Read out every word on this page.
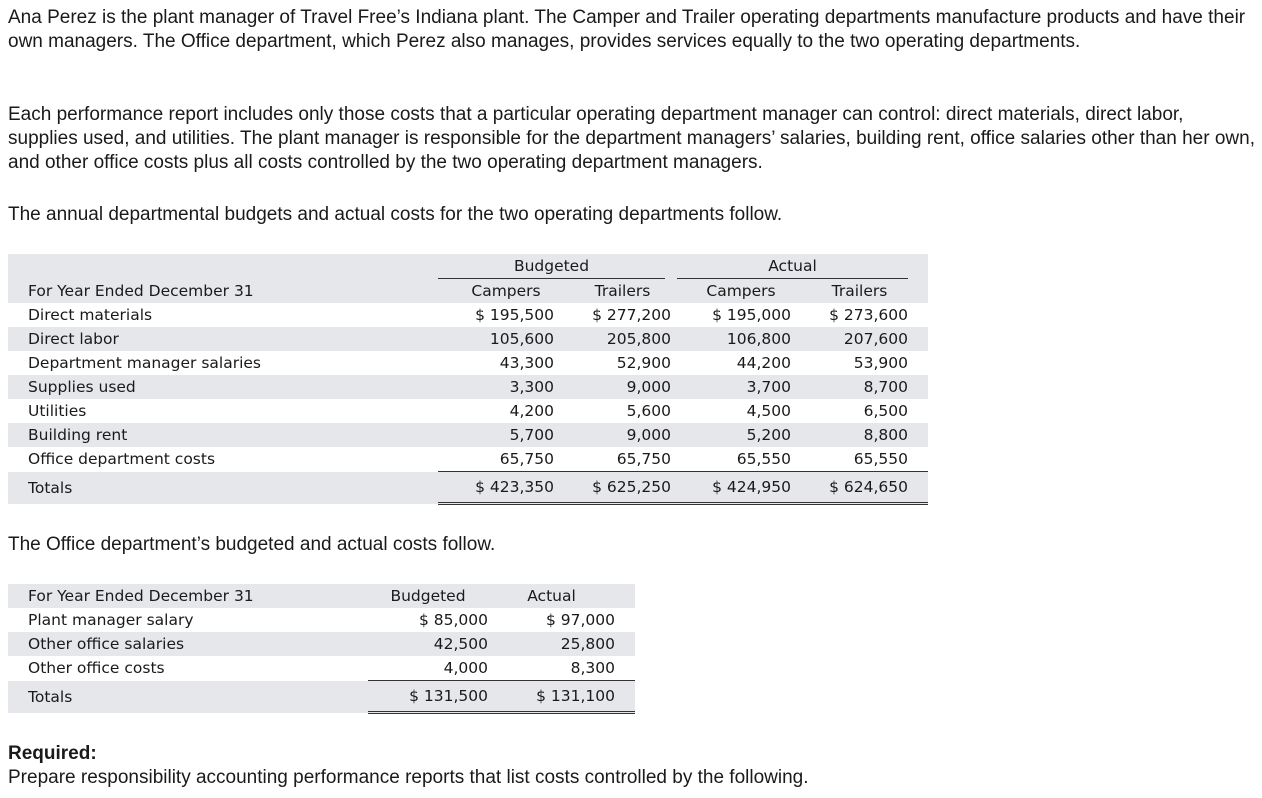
Ana Perez is the plant manager of Travel Free’s Indiana plant. The Camper and Trailer operating departments manufacture products and have their own managers. The Office department, which Perez also manages, provides services equally to the two operating departments.

Each performance report includes only those costs that a particular operating department manager can control: direct materials, direct labor, supplies used, and utilities. The plant manager is responsible for the department managers’ salaries, building rent, office salaries other than her own, and other office costs plus all costs controlled by the two operating department managers.

The annual departmental budgets and actual costs for the two operating departments follow.

	Budgeted		Actual		
For Year Ended December 31	Campers	Trailers	Campers	Trailers	
Direct materials	$ 195,500	$ 277,200	$ 195,000	$ 273,600	
Direct labor	105,600	205,800	106,800	207,600	
Department manager salaries	43,300	52,900	44,200	53,900	
Supplies used	3,300	9,000	3,700	8,700	
Utilities	4,200	5,600	4,500	6,500	
Building rent	5,700	9,000	5,200	8,800	
Office department costs	65,750	65,750	65,550	65,550	
Totals	$ 423,350	$ 625,250	$ 424,950	$ 624,650	

The Office department’s budgeted and actual costs follow.

For Year Ended December 31	Budgeted	Actual	
Plant manager salary	$ 85,000	$ 97,000	
Other office salaries	42,500	25,800	
Other office costs	4,000	8,300	
Totals	$ 131,500	$ 131,100	

Required:

Prepare responsibility accounting performance reports that list costs controlled by the following.
